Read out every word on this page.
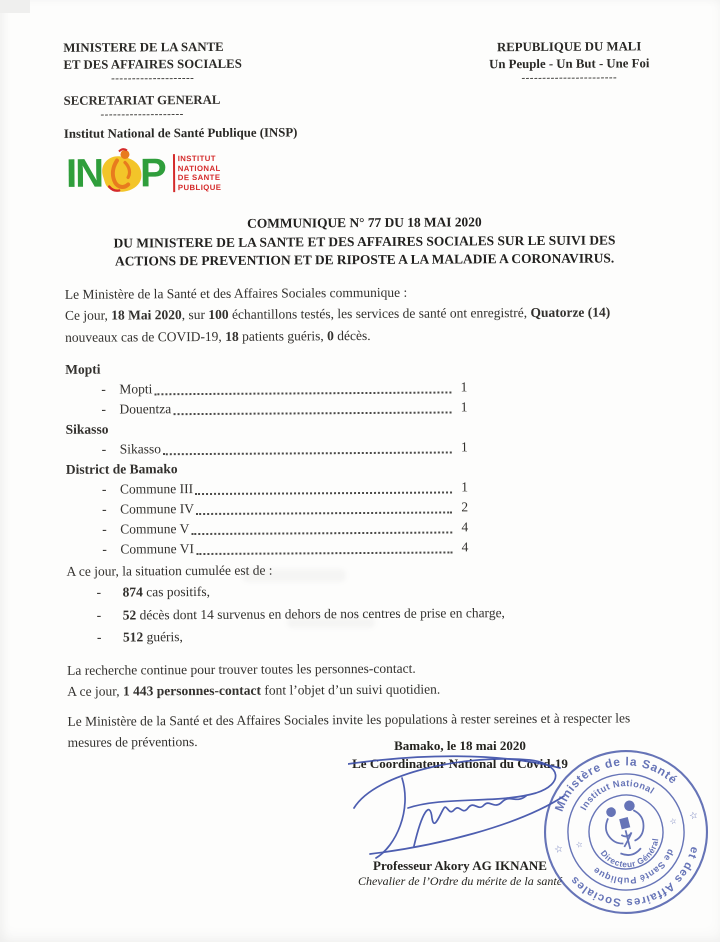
MINISTERE DE LA SANTE
ET DES AFFAIRES SOCIALES
--------------------
REPUBLIQUE DU MALI
Un Peuple - Un But - Une Foi
-----------------------
SECRETARIAT GENERAL
--------------------
Institut National de Santé Publique (INSP)
IN P INSTITUT
NATIONAL
DE SANTE
PUBLIQUE
COMMUNIQUE N° 77 DU 18 MAI 2020
DU MINISTERE DE LA SANTE ET DES AFFAIRES SOCIALES SUR LE SUIVI DES
ACTIONS DE PREVENTION ET DE RIPOSTE A LA MALADIE A CORONAVIRUS.
Le Ministère de la Santé et des Affaires Sociales communique :
Ce jour, 18 Mai 2020, sur 100 échantillons testés, les services de santé ont enregistré, Quatorze (14) nouveaux cas de COVID-19, 18 patients guéris, 0 décès.
Mopti
- Mopti	1
- Douentza	1
Sikasso
- Sikasso	1
District de Bamako
- Commune III	1
- Commune IV	2
- Commune V	4
- Commune VI	4
A ce jour, la situation cumulée est de :
-	874 cas positifs,
-	52 décès dont 14 survenus en dehors de nos centres de prise en charge,
-	512 guéris,
La recherche continue pour trouver toutes les personnes-contact.
A ce jour, 1 443 personnes-contact font l’objet d’un suivi quotidien.
Le Ministère de la Santé et des Affaires Sociales invite les populations à rester sereines et à respecter les mesures de préventions.	Bamako, le 18 mai 2020
Le Coordinateur National du Covid-19
Professeur Akory AG IKNANE
Chevalier de l’Ordre du mérite de la santé
Ministère de la Santé
et des Affaires Sociales
Institut National
de Santé Publique
Directeur Général
☆
☆
☆
☆
